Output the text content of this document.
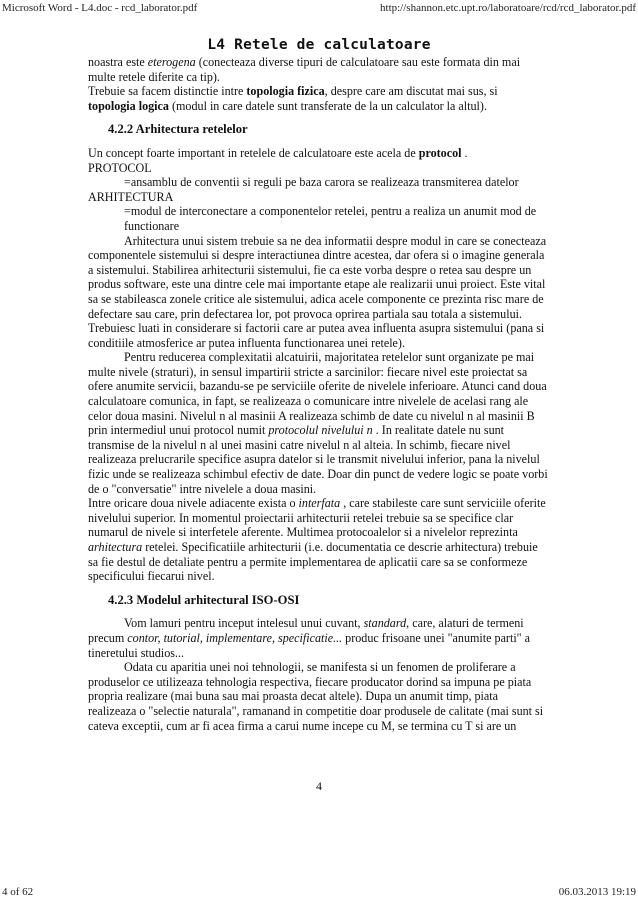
Microsoft Word - L4.doc - rcd_laborator.pdf	http://shannon.etc.upt.ro/laboratoare/rcd/rcd_laborator.pdf
L4 Retele de calculatoare

noastra este eterogena (conecteaza diverse tipuri de calculatoare sau este formata din mai multe retele diferite ca tip).

Trebuie sa facem distinctie intre topologia fizica, despre care am discutat mai sus, si topologia logica (modul in care datele sunt transferate de la un calculator la altul).

4.2.2 Arhitectura retelelor

Un concept foarte important in retelele de calculatoare este acela de protocol .

PROTOCOL

=ansamblu de conventii si reguli pe baza carora se realizeaza transmiterea datelor

ARHITECTURA

=modul de interconectare a componentelor retelei, pentru a realiza un anumit mod de functionare

Arhitectura unui sistem trebuie sa ne dea informatii despre modul in care se conecteaza componentele sistemului si despre interactiunea dintre acestea, dar ofera si o imagine generala a sistemului. Stabilirea arhitecturii sistemului, fie ca este vorba despre o retea sau despre un produs software, este una dintre cele mai importante etape ale realizarii unui proiect. Este vital sa se stabileasca zonele critice ale sistemului, adica acele componente ce prezinta risc mare de defectare sau care, prin defectarea lor, pot provoca oprirea partiala sau totala a sistemului. Trebuiesc luati in considerare si factorii care ar putea avea influenta asupra sistemului (pana si conditiile atmosferice ar putea influenta functionarea unei retele).

Pentru reducerea complexitatii alcatuirii, majoritatea retelelor sunt organizate pe mai multe nivele (straturi), in sensul impartirii stricte a sarcinilor: fiecare nivel este proiectat sa ofere anumite servicii, bazandu-se pe serviciile oferite de nivelele inferioare. Atunci cand doua calculatoare comunica, in fapt, se realizeaza o comunicare intre nivelele de acelasi rang ale celor doua masini. Nivelul n al masinii A realizeaza schimb de date cu nivelul n al masinii B prin intermediul unui protocol numit protocolul nivelului n . In realitate datele nu sunt transmise de la nivelul n al unei masini catre nivelul n al alteia. In schimb, fiecare nivel realizeaza prelucrarile specifice asupra datelor si le transmit nivelului inferior, pana la nivelul fizic unde se realizeaza schimbul efectiv de date. Doar din punct de vedere logic se poate vorbi de o "conversatie" intre nivelele a doua masini.

Intre oricare doua nivele adiacente exista o interfata , care stabileste care sunt serviciile oferite nivelului superior. In momentul proiectarii arhitecturii retelei trebuie sa se specifice clar numarul de nivele si interfetele aferente. Multimea protocoalelor si a nivelelor reprezinta arhitectura retelei. Specificatiile arhitecturii (i.e. documentatia ce descrie arhitectura) trebuie sa fie destul de detaliate pentru a permite implementarea de aplicatii care sa se conformeze specificului fiecarui nivel.

4.2.3 Modelul arhitectural ISO-OSI

Vom lamuri pentru inceput intelesul unui cuvant, standard, care, alaturi de termeni precum contor, tutorial, implementare, specificatie... produc frisoane unei "anumite parti" a tineretului studios...

Odata cu aparitia unei noi tehnologii, se manifesta si un fenomen de proliferare a produselor ce utilizeaza tehnologia respectiva, fiecare producator dorind sa impuna pe piata propria realizare (mai buna sau mai proasta decat altele). Dupa un anumit timp, piata realizeaza o "selectie naturala", ramanand in competitie doar produsele de calitate (mai sunt si cateva exceptii, cum ar fi acea firma a carui nume incepe cu M, se termina cu T si are un

4
4 of 62	06.03.2013 19:19
